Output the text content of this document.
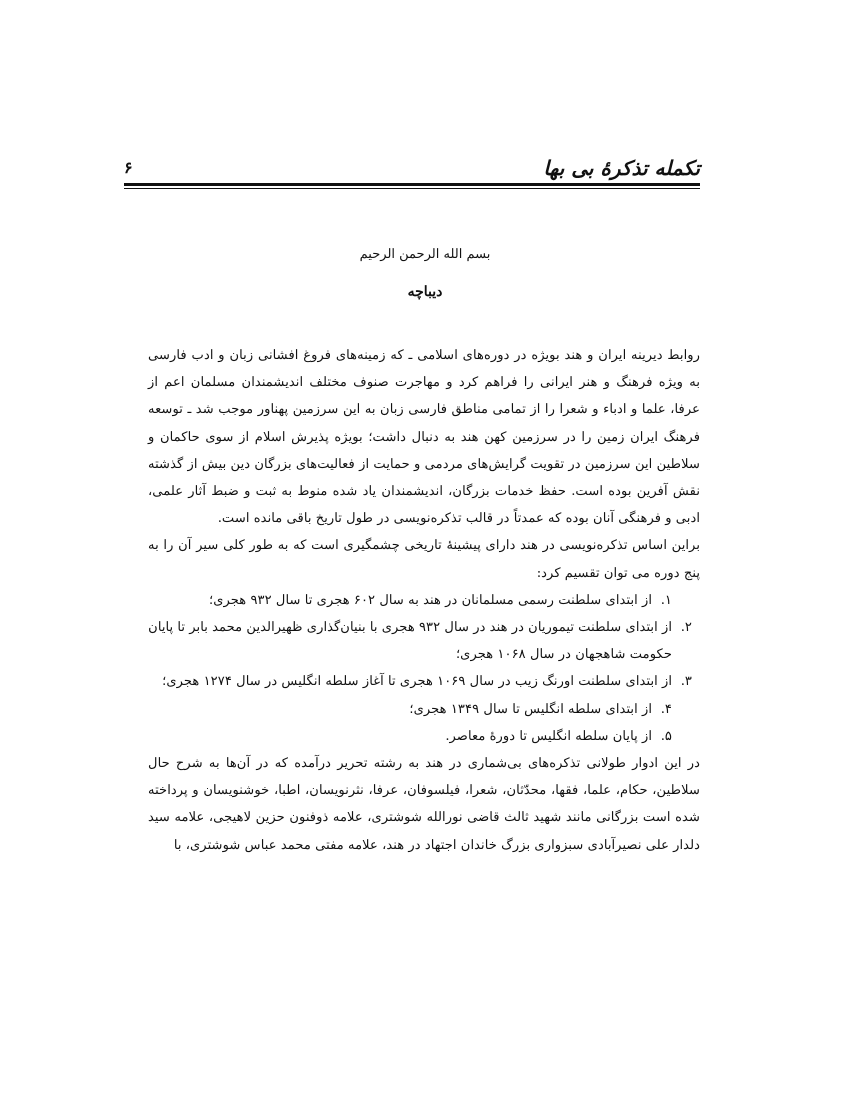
تکمله تذکرهٔ بی بها
۶
بسم الله الرحمن الرحیم
دیباچه

روابط دیرینه ایران و هند بویژه در دوره‌های اسلامی ـ که زمینه‌های فروغ افشانی زبان و ادب فارسی به ویژه فرهنگ و هنر ایرانی را فراهم کرد و مهاجرت صنوف مختلف اندیشمندان مسلمان اعم از عرفا، علما و ادباء و شعرا را از تمامی مناطق فارسی زبان به این سرزمین پهناور موجب شد ـ توسعه فرهنگ ایران زمین را در سرزمین کهن هند به دنبال داشت؛ بویژه پذیرش اسلام از سوی حاکمان و سلاطین این سرزمین در تقویت گرایش‌های مردمی و حمایت از فعالیت‌های بزرگان دین بیش از گذشته نقش آفرین بوده است. حفظ خدمات بزرگان، اندیشمندان یاد شده منوط به ثبت و ضبط آثار علمی، ادبی و فرهنگی آنان بوده که عمدتاً در قالب تذکره‌نویسی در طول تاریخ باقی مانده است.

براین اساس تذکره‌نویسی در هند دارای پیشینهٔ تاریخی چشمگیری است که به طور کلی سیر آن را به پنج دوره می توان تقسیم کرد:

۱.
از ابتدای سلطنت رسمی مسلمانان در هند به سال ۶۰۲ هجری تا سال ۹۳۲ هجری؛
۲.
از ابتدای سلطنت تیموریان در هند در سال ۹۳۲ هجری با بنیان‌گذاری ظهیرالدین محمد بابر تا پایان حکومت شاهجهان در سال ۱۰۶۸ هجری؛
۳.
از ابتدای سلطنت اورنگ زیب در سال ۱۰۶۹ هجری تا آغاز سلطه انگلیس در سال ۱۲۷۴ هجری؛
۴.
از ابتدای سلطه انگلیس تا سال ۱۳۴۹ هجری؛
۵.
از پایان سلطه انگلیس تا دورهٔ معاصر.

در این ادوار طولانی تذکره‌های بی‌شماری در هند به رشته تحریر درآمده که در آن‌ها به شرح حال سلاطین، حکام، علما، فقها، محدّثان، شعرا، فیلسوفان، عرفا، نثرنویسان، اطبا، خوشنویسان و پرداخته شده است بزرگانی مانند شهید ثالث قاضی نورالله شوشتری، علامه ذوفنون حزین لاهیجی، علامه سید دلدار علی نصیرآبادی سبزواری بزرگ خاندان اجتهاد در هند، علامه مفتی محمد عباس شوشتری، با
